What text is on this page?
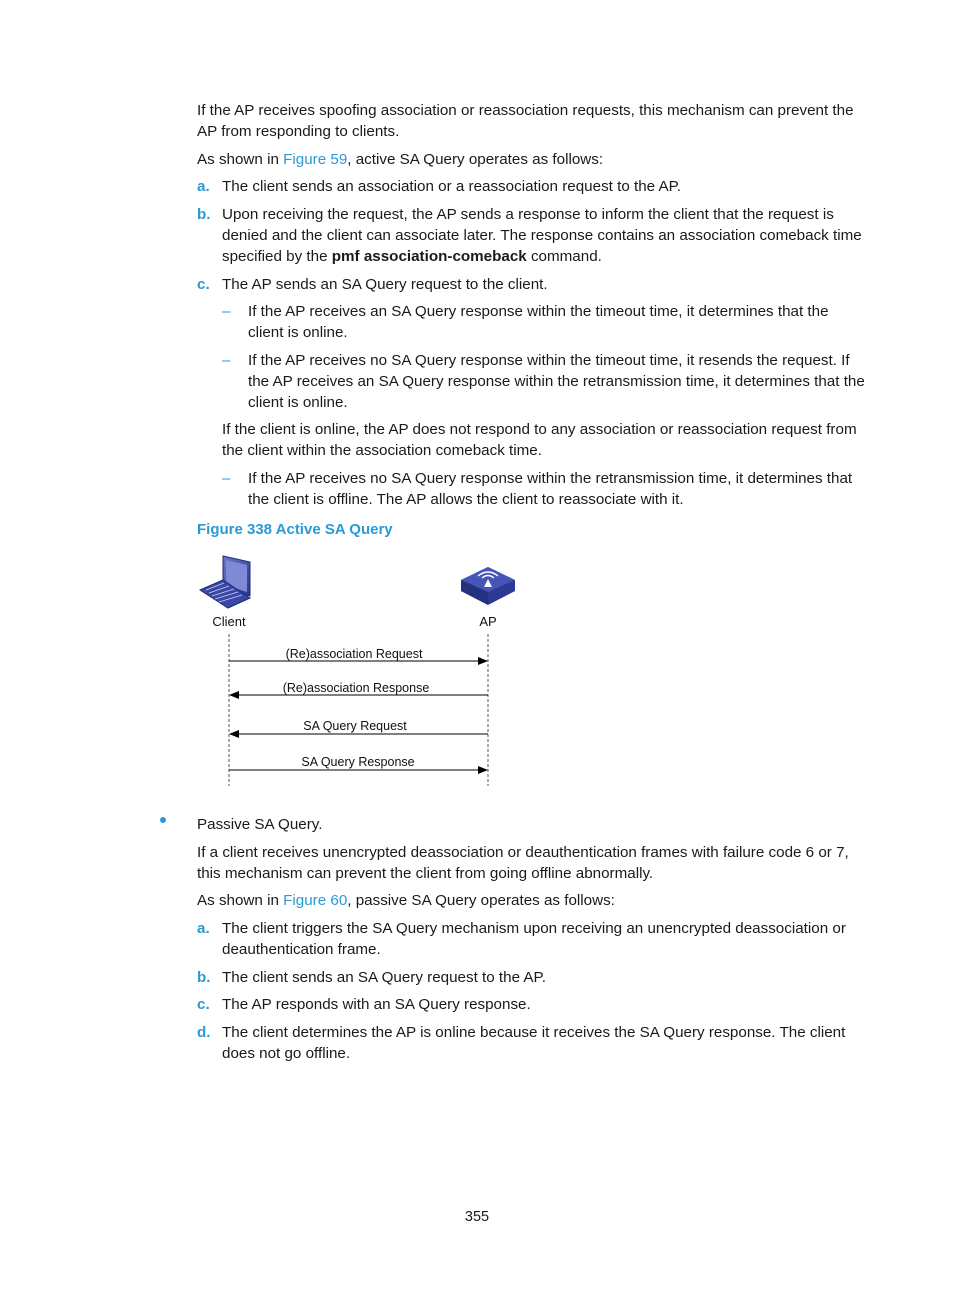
If the AP receives spoofing association or reassociation requests, this mechanism can prevent the AP from responding to clients.

As shown in Figure 59, active SA Query operates as follows:

a. The client sends an association or a reassociation request to the AP.

b. Upon receiving the request, the AP sends a response to inform the client that the request is denied and the client can associate later. The response contains an association comeback time specified by the pmf association-comeback command.

c. The AP sends an SA Query request to the client.

– If the AP receives an SA Query response within the timeout time, it determines that the client is online.

– If the AP receives no SA Query response within the timeout time, it resends the request. If the AP receives an SA Query response within the retransmission time, it determines that the client is online.

If the client is online, the AP does not respond to any association or reassociation request from the client within the association comeback time.

– If the AP receives no SA Query response within the retransmission time, it determines that the client is offline. The AP allows the client to reassociate with it.

Figure 338 Active SA Query
Client	AP
(Re)association Request
(Re)association Response
SA Query Request
SA Query Response

Passive SA Query.

If a client receives unencrypted deassociation or deauthentication frames with failure code 6 or 7, this mechanism can prevent the client from going offline abnormally.

As shown in Figure 60, passive SA Query operates as follows:

a. The client triggers the SA Query mechanism upon receiving an unencrypted deassociation or deauthentication frame.

b. The client sends an SA Query request to the AP.

c. The AP responds with an SA Query response.

d. The client determines the AP is online because it receives the SA Query response. The client does not go offline.

355
